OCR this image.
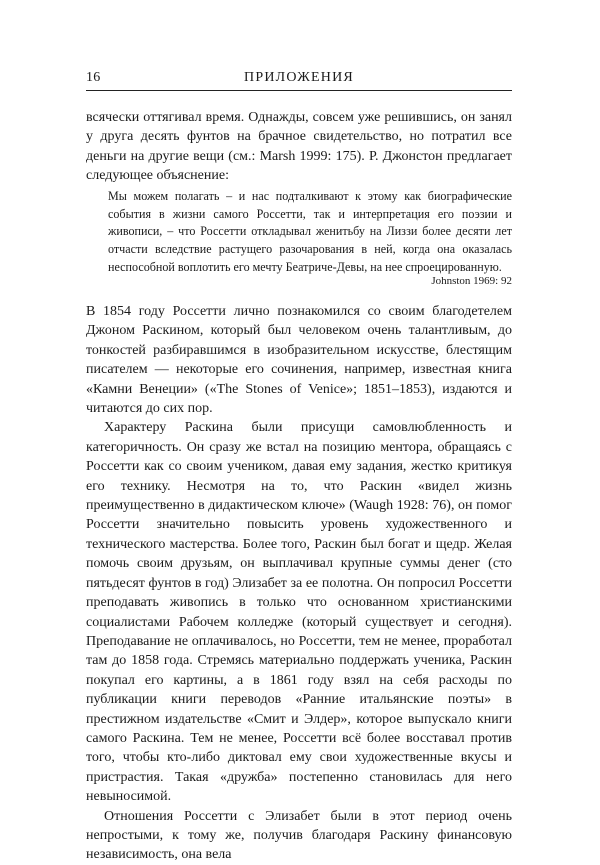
16	ПРИЛОЖЕНИЯ

всячески оттягивал время. Однажды, совсем уже решившись, он занял у друга десять фунтов на брачное свидетельство, но потратил все деньги на другие вещи (см.: Marsh 1999: 175). Р. Джонстон предлагает следующее объяснение:

Мы можем полагать – и нас подталкивают к этому как биографические события в жизни самого Россетти, так и интерпретация его поэзии и живописи, – что Россетти откладывал женитьбу на Лиззи более десяти лет отчасти вследствие растущего разочарования в ней, когда она оказалась неспособной воплотить его мечту Беатриче-Девы, на нее спроецированную.

Johnston 1969: 92

В 1854 году Россетти лично познакомился со своим благодетелем Джоном Раскином, который был человеком очень талантливым, до тонкостей разбиравшимся в изобразительном искусстве, блестящим писателем — некоторые его сочинения, например, известная книга «Камни Венеции» («The Stones of Venice»; 1851–1853), издаются и читаются до сих пор.

Характеру Раскина были присущи самовлюбленность и категоричность. Он сразу же встал на позицию ментора, обращаясь с Россетти как со своим учеником, давая ему задания, жестко критикуя его технику. Несмотря на то, что Раскин «видел жизнь преимущественно в дидактическом ключе» (Waugh 1928: 76), он помог Россетти значительно повысить уровень художественного и технического мастерства. Более того, Раскин был богат и щедр. Желая помочь своим друзьям, он выплачивал крупные суммы денег (сто пятьдесят фунтов в год) Элизабет за ее полотна. Он попросил Россетти преподавать живопись в только что основанном христианскими социалистами Рабочем колледже (который существует и сегодня). Преподавание не оплачивалось, но Россетти, тем не менее, проработал там до 1858 года. Стремясь материально поддержать ученика, Раскин покупал его картины, а в 1861 году взял на себя расходы по публикации книги переводов «Ранние итальянские поэты» в престижном издательстве «Смит и Элдер», которое выпускало книги самого Раскина. Тем не менее, Россетти всё более восставал против того, чтобы кто-либо диктовал ему свои художественные вкусы и пристрастия. Такая «дружба» постепенно становилась для него невыносимой.

Отношения Россетти с Элизабет были в этот период очень непростыми, к тому же, получив благодаря Раскину финансовую независимость, она вела
